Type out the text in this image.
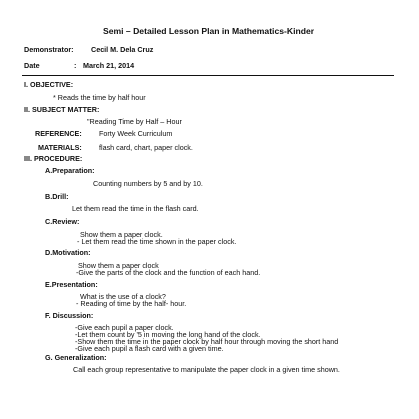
Semi – Detailed Lesson Plan in Mathematics-Kinder
Demonstrator: Cecil M. Dela Cruz
Date	: March 21, 2014
I. OBJECTIVE:
* Reads the time by half hour
II. SUBJECT MATTER:
"Reading Time by Half – Hour
REFERENCE: Forty Week Curriculum
MATERIALS: flash card, chart, paper clock.
III. PROCEDURE:
A.Preparation:
Counting numbers by 5 and by 10.
B.Drill:
Let them read the time in the flash card.
C.Review:
Show them a paper clock.
- Let them read the time shown in the paper clock.
D.Motivation:
Show them a paper clock
-Give the parts of the clock and the function of each hand.
E.Presentation:
What is the use of a clock?
- Reading of time by the half- hour.
F. Discussion:
-Give each pupil a paper clock.
-Let them count by '5 in moving the long hand of the clock.
-Show them the time in the paper clock by half hour through moving the short hand
-Give each pupil a flash card with a given time.
G. Generalization:
Call each group representative to manipulate the paper clock in a given time shown.
